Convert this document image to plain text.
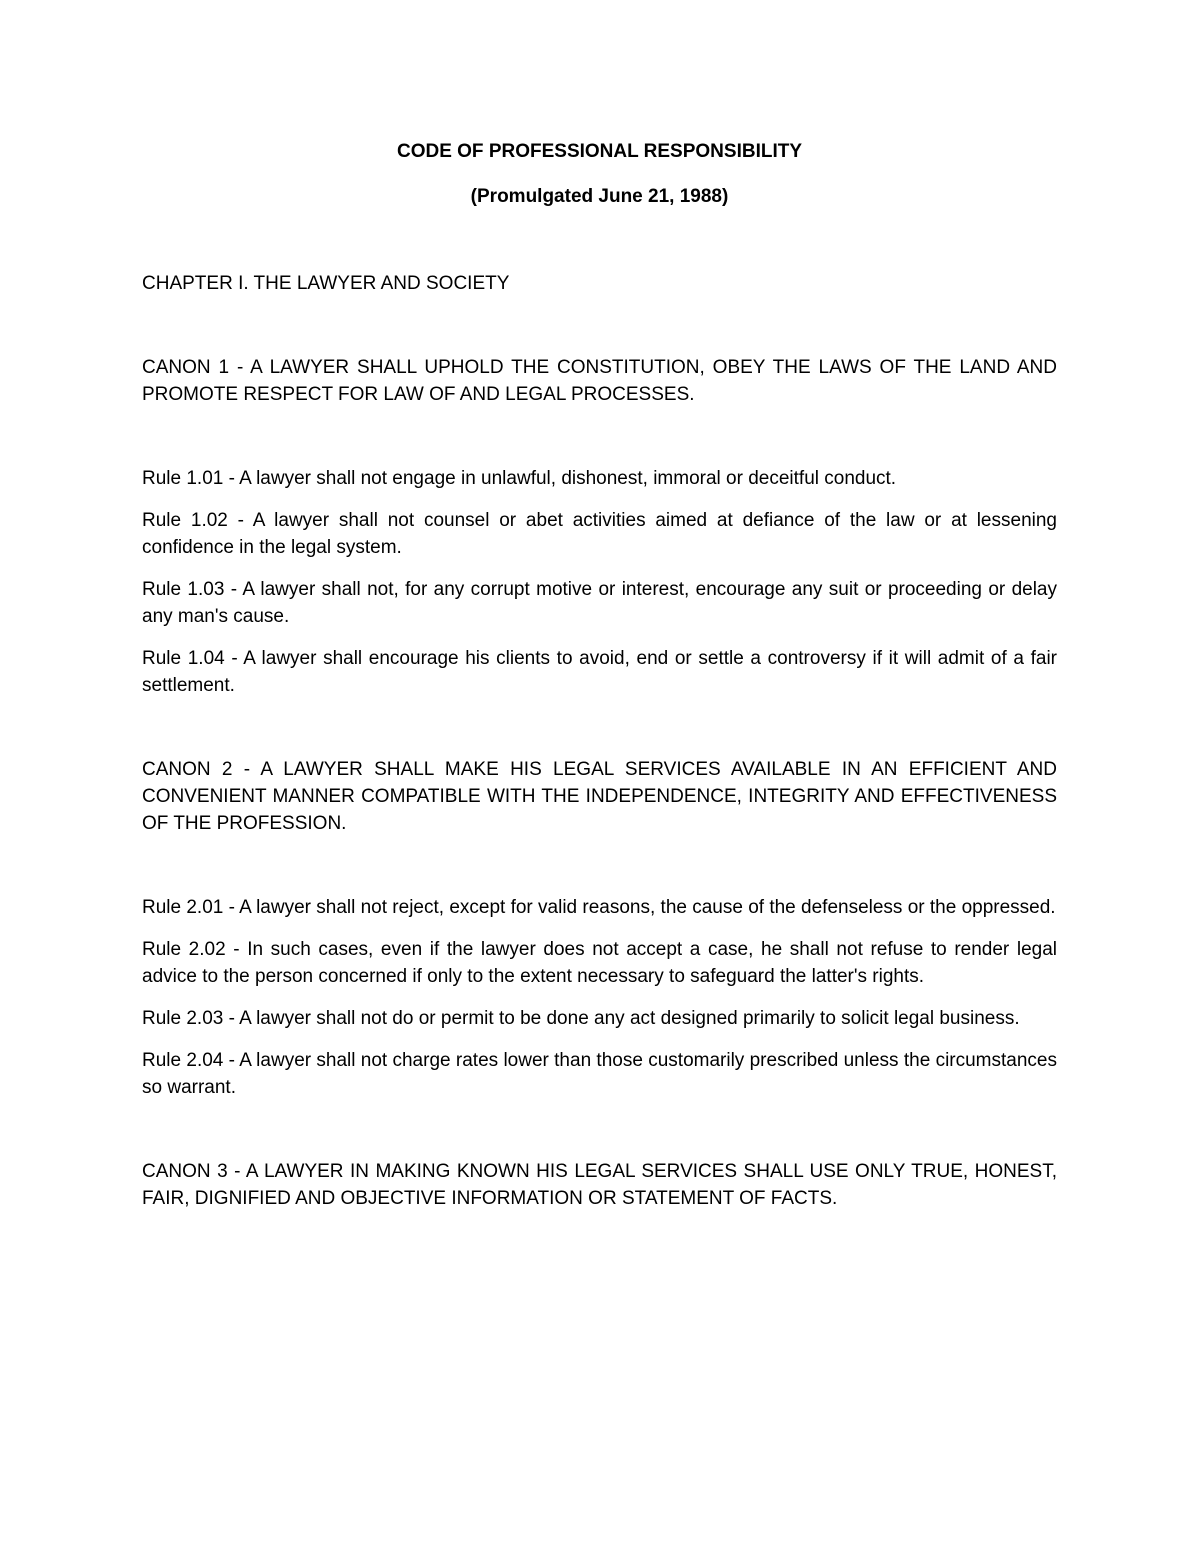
CODE OF PROFESSIONAL RESPONSIBILITY

(Promulgated June 21, 1988)

CHAPTER I. THE LAWYER AND SOCIETY

CANON 1 - A LAWYER SHALL UPHOLD THE CONSTITUTION, OBEY THE LAWS OF THE LAND AND PROMOTE RESPECT FOR LAW OF AND LEGAL PROCESSES.

Rule 1.01 - A lawyer shall not engage in unlawful, dishonest, immoral or deceitful conduct.

Rule 1.02 - A lawyer shall not counsel or abet activities aimed at defiance of the law or at lessening confidence in the legal system.

Rule 1.03 - A lawyer shall not, for any corrupt motive or interest, encourage any suit or proceeding or delay any man's cause.

Rule 1.04 - A lawyer shall encourage his clients to avoid, end or settle a controversy if it will admit of a fair settlement.

CANON 2 - A LAWYER SHALL MAKE HIS LEGAL SERVICES AVAILABLE IN AN EFFICIENT AND CONVENIENT MANNER COMPATIBLE WITH THE INDEPENDENCE, INTEGRITY AND EFFECTIVENESS OF THE PROFESSION.

Rule 2.01 - A lawyer shall not reject, except for valid reasons, the cause of the defenseless or the oppressed.

Rule 2.02 - In such cases, even if the lawyer does not accept a case, he shall not refuse to render legal advice to the person concerned if only to the extent necessary to safeguard the latter's rights.

Rule 2.03 - A lawyer shall not do or permit to be done any act designed primarily to solicit legal business.

Rule 2.04 - A lawyer shall not charge rates lower than those customarily prescribed unless the circumstances so warrant.

CANON 3 - A LAWYER IN MAKING KNOWN HIS LEGAL SERVICES SHALL USE ONLY TRUE, HONEST, FAIR, DIGNIFIED AND OBJECTIVE INFORMATION OR STATEMENT OF FACTS.
